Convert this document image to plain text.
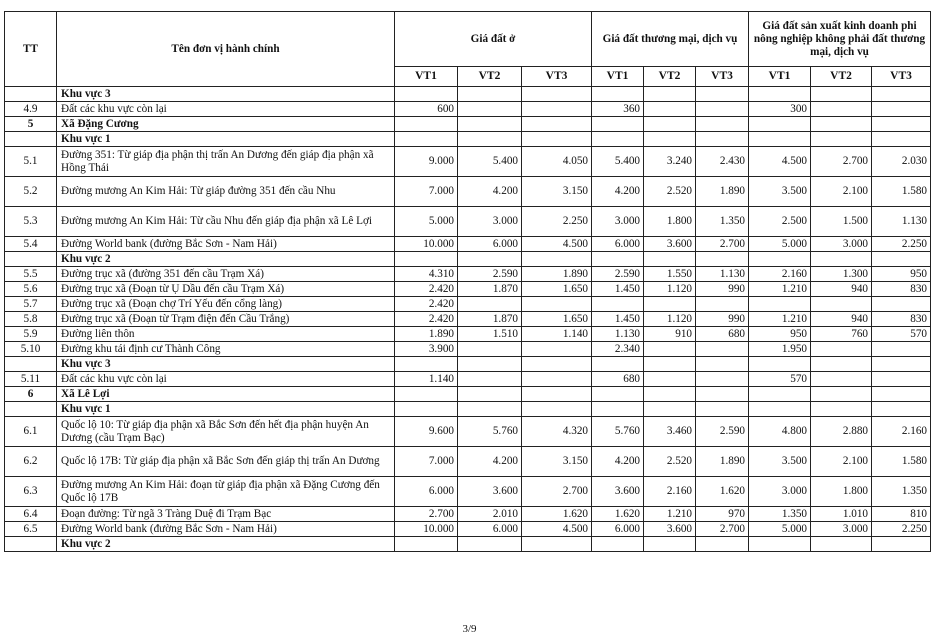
TT	Tên đơn vị hành chính	Giá đất ở			Giá đất thương mại, dịch vụ			Giá đất sản xuất kinh doanh phi nông nghiệp không phải đất thương mại, dịch vụ		
		VT1	VT2	VT3	VT1	VT2	VT3	VT1	VT2	VT3
	Khu vực 3									
4.9	Đất các khu vực còn lại	600			360			300		
5	Xã Đặng Cương									
	Khu vực 1									
5.1	Đường 351: Từ giáp địa phận thị trấn An Dương đến giáp địa phận xã Hồng Thái	9.000	5.400	4.050	5.400	3.240	2.430	4.500	2.700	2.030
5.2	Đường mương An Kim Hải: Từ giáp đường 351 đến cầu Nhu	7.000	4.200	3.150	4.200	2.520	1.890	3.500	2.100	1.580
5.3	Đường mương An Kim Hải: Từ cầu Nhu đến giáp địa phận xã Lê Lợi	5.000	3.000	2.250	3.000	1.800	1.350	2.500	1.500	1.130
5.4	Đường World bank (đường Bắc Sơn - Nam Hải)	10.000	6.000	4.500	6.000	3.600	2.700	5.000	3.000	2.250
	Khu vực 2									
5.5	Đường trục xã (đường 351 đến cầu Trạm Xá)	4.310	2.590	1.890	2.590	1.550	1.130	2.160	1.300	950
5.6	Đường trục xã (Đoạn từ Ụ Dầu đến cầu Trạm Xá)	2.420	1.870	1.650	1.450	1.120	990	1.210	940	830
5.7	Đường trục xã (Đoạn chợ Trí Yếu đến cổng làng)	2.420								
5.8	Đường trục xã (Đoạn từ Trạm điện đến Cầu Trắng)	2.420	1.870	1.650	1.450	1.120	990	1.210	940	830
5.9	Đường liên thôn	1.890	1.510	1.140	1.130	910	680	950	760	570
5.10	Đường khu tái định cư Thành Công	3.900			2.340			1.950		
	Khu vực 3									
5.11	Đất các khu vực còn lại	1.140			680			570		
6	Xã Lê Lợi									
	Khu vực 1									
6.1	Quốc lộ 10: Từ giáp địa phận xã Bắc Sơn đến hết địa phận huyện An Dương (cầu Trạm Bạc)	9.600	5.760	4.320	5.760	3.460	2.590	4.800	2.880	2.160
6.2	Quốc lộ 17B: Từ giáp địa phận xã Bắc Sơn đến giáp thị trấn An Dương	7.000	4.200	3.150	4.200	2.520	1.890	3.500	2.100	1.580
6.3	Đường mương An Kim Hải: đoạn từ giáp địa phận xã Đặng Cương đến Quốc lộ 17B	6.000	3.600	2.700	3.600	2.160	1.620	3.000	1.800	1.350
6.4	Đoạn đường: Từ ngã 3 Tràng Duệ đi Trạm Bạc	2.700	2.010	1.620	1.620	1.210	970	1.350	1.010	810
6.5	Đường World bank (đường Bắc Sơn - Nam Hải)	10.000	6.000	4.500	6.000	3.600	2.700	5.000	3.000	2.250
	Khu vực 2									
3/9
